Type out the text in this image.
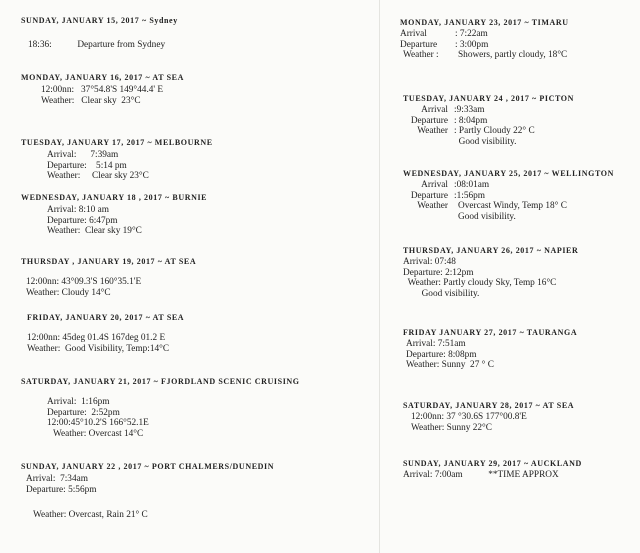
SUNDAY, JANUARY 15, 2017 ~ Sydney
18:36:           Departure from Sydney
MONDAY, JANUARY 16, 2017 ~ AT SEA
12:00nn:   37°54.8'S 149°44.4' E
Weather:   Clear sky  23°C
TUESDAY, JANUARY 17, 2017 ~ MELBOURNE
Arrival:      7:39am
Departure:    5:14 pm
Weather:     Clear sky 23°C
WEDNESDAY, JANUARY 18 , 2017 ~ BURNIE
Arrival: 8:10 am
Departure: 6:47pm
Weather:  Clear sky 19°C
THURSDAY , JANUARY 19, 2017 ~ AT SEA
12:00nn: 43°09.3'S 160°35.1'E
Weather: Cloudy 14°C
FRIDAY, JANUARY 20, 2017 ~ AT SEA
12:00nn: 45deg 01.4S 167deg 01.2 E
Weather:  Good Visibility, Temp:14°C
SATURDAY, JANUARY 21, 2017 ~ FJORDLAND SCENIC CRUISING
Arrival:  1:16pm
Departure:  2:52pm
12:00:45°10.2'S 166°52.1E
Weather: Overcast 14°C
SUNDAY, JANUARY 22 , 2017 ~ PORT CHALMERS/DUNEDIN
Arrival:  7:34am
Departure: 5:56pm
Weather: Overcast, Rain 21° C
MONDAY, JANUARY 23, 2017 ~ TIMARU
Arrival	: 7:22am
Departure	: 3:00pm
Weather :	Showers, partly cloudy, 18°C
TUESDAY, JANUARY 24 , 2017 ~ PICTON
Arrival :9:33am
Departure : 8:04pm
Weather : Partly Cloudy 22° C
Good visibility.
WEDNESDAY, JANUARY 25, 2017 ~ WELLINGTON
Arrival :08:01am
Departure :1:56pm
Weather Overcast Windy, Temp 18° C
Good visibility.
THURSDAY, JANUARY 26, 2017 ~ NAPIER
Arrival: 07:48
Departure: 2:12pm
Weather: Partly cloudy Sky, Temp 16°C
Good visibility.
FRIDAY JANUARY 27, 2017 ~ TAURANGA
Arrival: 7:51am
Departure: 8:08pm
Weather: Sunny  27 ° C
SATURDAY, JANUARY 28, 2017 ~ AT SEA
12:00nn: 37 °30.6S 177°00.8'E
Weather: Sunny 22°C
SUNDAY, JANUARY 29, 2017 ~ AUCKLAND
Arrival: 7:00am           **TIME APPROX
